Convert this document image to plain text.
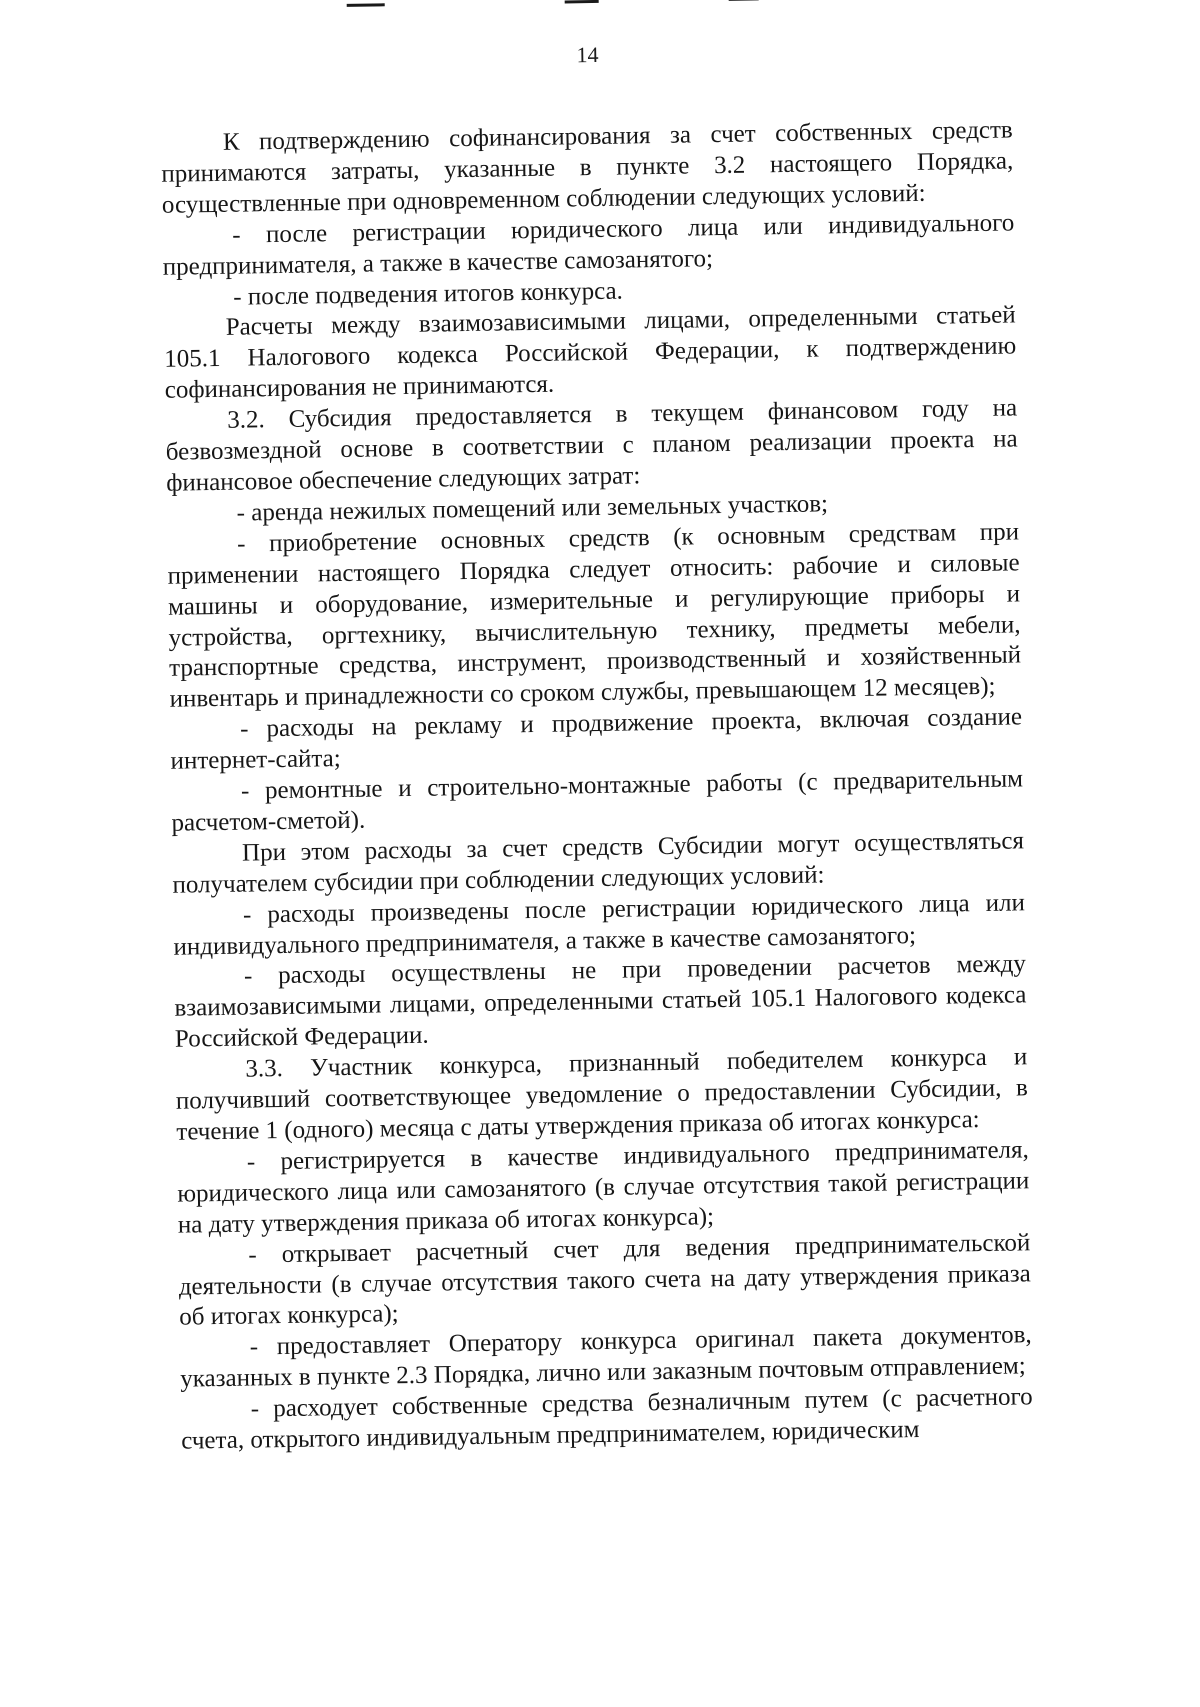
14

К подтверждению софинансирования за счет собственных средств принимаются затраты, указанные в пункте 3.2 настоящего Порядка, осуществленные при одновременном соблюдении следующих условий:

- после регистрации юридического лица или индивидуального предпринимателя, а также в качестве самозанятого;

- после подведения итогов конкурса.

Расчеты между взаимозависимыми лицами, определенными статьей 105.1 Налогового кодекса Российской Федерации, к подтверждению софинансирования не принимаются.

3.2. Субсидия предоставляется в текущем финансовом году на безвозмездной основе в соответствии с планом реализации проекта на финансовое обеспечение следующих затрат:

- аренда нежилых помещений или земельных участков;

- приобретение основных средств (к основным средствам при применении настоящего Порядка следует относить: рабочие и силовые машины и оборудование, измерительные и регулирующие приборы и устройства, оргтехнику, вычислительную технику, предметы мебели, транспортные средства, инструмент, производственный и хозяйственный инвентарь и принадлежности со сроком службы, превышающем 12 месяцев);

- расходы на рекламу и продвижение проекта, включая создание интернет-сайта;

- ремонтные и строительно-монтажные работы (с предварительным расчетом-сметой).

При этом расходы за счет средств Субсидии могут осуществляться получателем субсидии при соблюдении следующих условий:

- расходы произведены после регистрации юридического лица или индивидуального предпринимателя, а также в качестве самозанятого;

- расходы осуществлены не при проведении расчетов между взаимозависимыми лицами, определенными статьей 105.1 Налогового кодекса Российской Федерации.

3.3. Участник конкурса, признанный победителем конкурса и получивший соответствующее уведомление о предоставлении Субсидии, в течение 1 (одного) месяца с даты утверждения приказа об итогах конкурса:

- регистрируется в качестве индивидуального предпринимателя, юридического лица или самозанятого (в случае отсутствия такой регистрации на дату утверждения приказа об итогах конкурса);

- открывает расчетный счет для ведения предпринимательской деятельности (в случае отсутствия такого счета на дату утверждения приказа об итогах конкурса);

- предоставляет Оператору конкурса оригинал пакета документов, указанных в пункте 2.3 Порядка, лично или заказным почтовым отправлением;

- расходует собственные средства безналичным путем (с расчетного счета, открытого индивидуальным предпринимателем, юридическим
